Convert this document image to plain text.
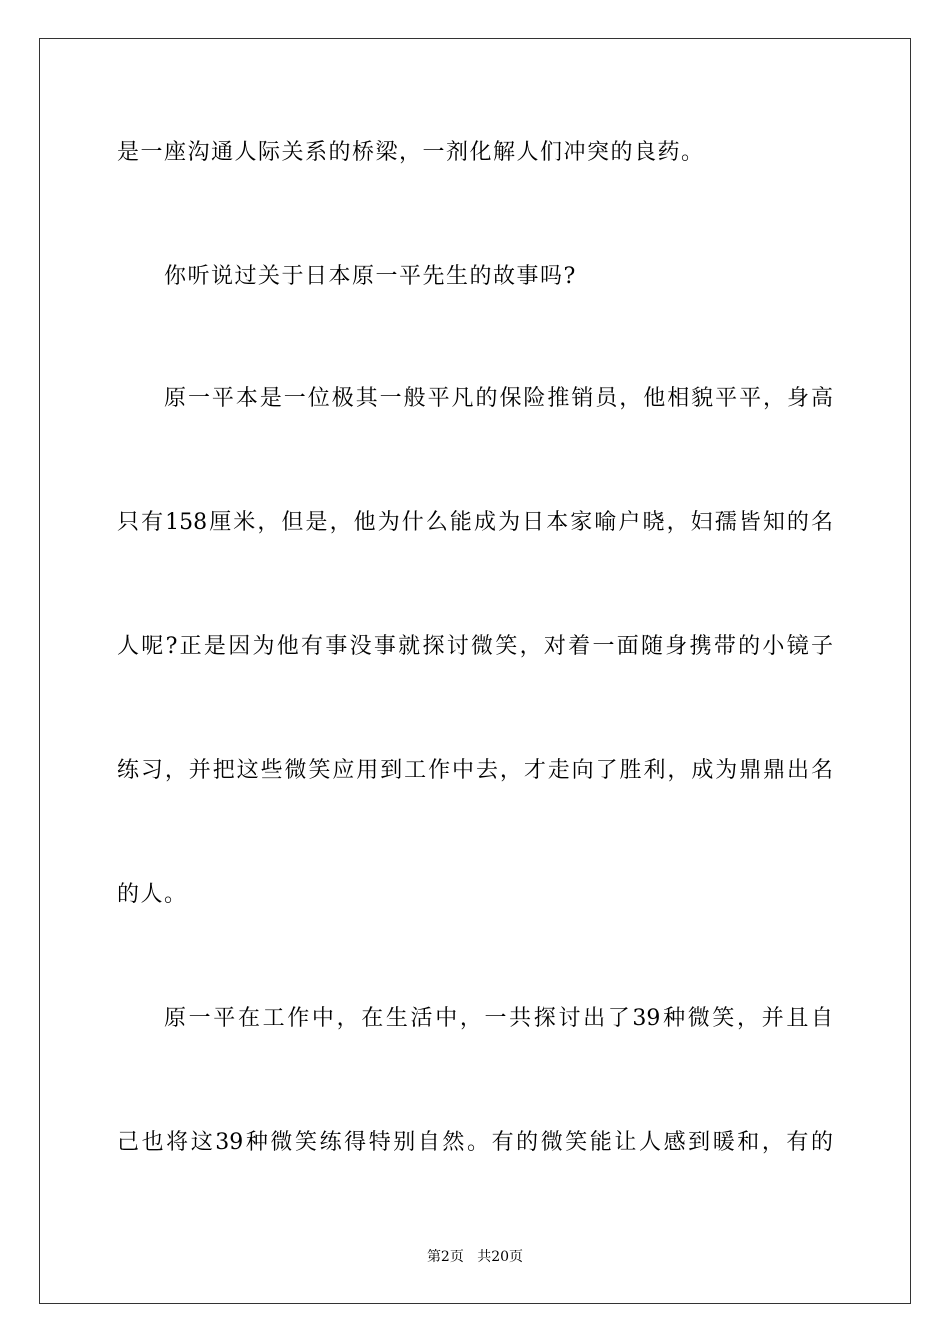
是一座沟通人际关系的桥梁，一剂化解人们冲突的良药。
你听说过关于日本原一平先生的故事吗?
原一平本是一位极其一般平凡的保险推销员，他相貌平平，身高
只有158厘米，但是，他为什么能成为日本家喻户晓，妇孺皆知的名
人呢?正是因为他有事没事就探讨微笑，对着一面随身携带的小镜子
练习，并把这些微笑应用到工作中去，才走向了胜利，成为鼎鼎出名
的人。
原一平在工作中，在生活中，一共探讨出了39种微笑，并且自
己也将这39种微笑练得特别自然。有的微笑能让人感到暖和，有的
第2页 共20页
